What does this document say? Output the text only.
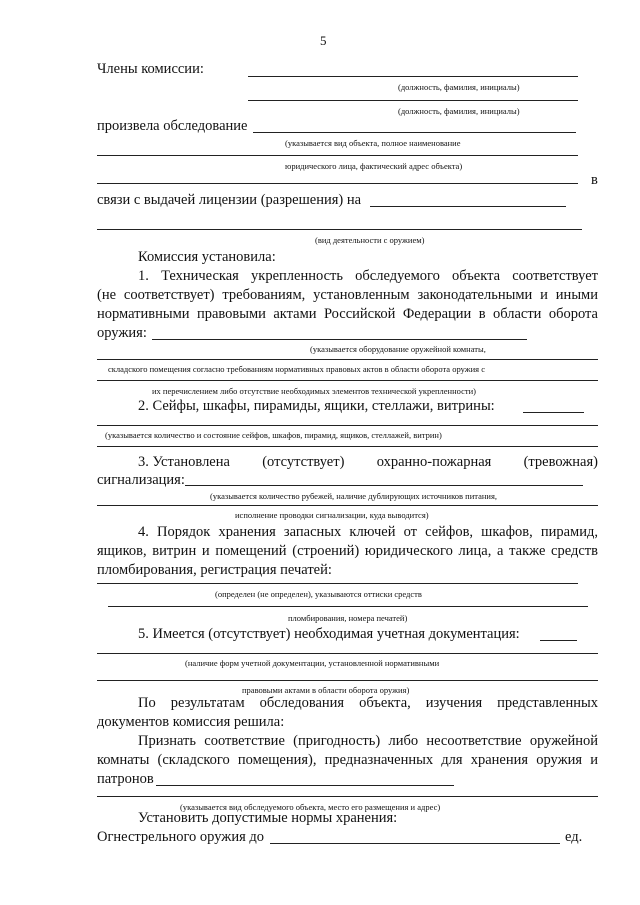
5
Члены комиссии:
(должность, фамилия, инициалы)
(должность, фамилия, инициалы)
произвела обследование
(указывается вид объекта, полное наименование
юридического лица, фактический адрес объекта)
в
связи с выдачей лицензии (разрешения) на
(вид деятельности с оружием)
Комиссия установила:
1. Техническая укрепленность обследуемого объекта соответствует
(не соответствует) требованиям, установленным законодательными и иными
нормативными правовыми актами Российской Федерации в области оборота
оружия:
(указывается оборудование оружейной комнаты,
складского помещения согласно требованиям нормативных правовых актов в области оборота оружия с
их перечислением либо отсутствие необходимых элементов технической укрепленности)
2. Сейфы, шкафы, пирамиды, ящики, стеллажи, витрины:
(указывается количество и состояние сейфов, шкафов, пирамид, ящиков, стеллажей, витрин)
3. Установлена (отсутствует) охранно-пожарная (тревожная)
сигнализация:
(указывается количество рубежей, наличие дублирующих источников питания,
исполнение проводки сигнализации, куда выводится)
4. Порядок хранения запасных ключей от сейфов, шкафов, пирамид,
ящиков, витрин и помещений (строений) юридического лица, а также средств
пломбирования, регистрация печатей:
(определен (не определен), указываются оттиски средств
пломбирования, номера печатей)
5. Имеется (отсутствует) необходимая учетная документация:
(наличие форм учетной документации, установленной нормативными
правовыми актами в области оборота оружия)
По результатам обследования объекта, изучения представленных
документов комиссия решила:
Признать соответствие (пригодность) либо несоответствие оружейной
комнаты (складского помещения), предназначенных для хранения оружия и
патронов
(указывается вид обследуемого объекта, место его размещения и адрес)
Установить допустимые нормы хранения:
Огнестрельного оружия до	ед.
